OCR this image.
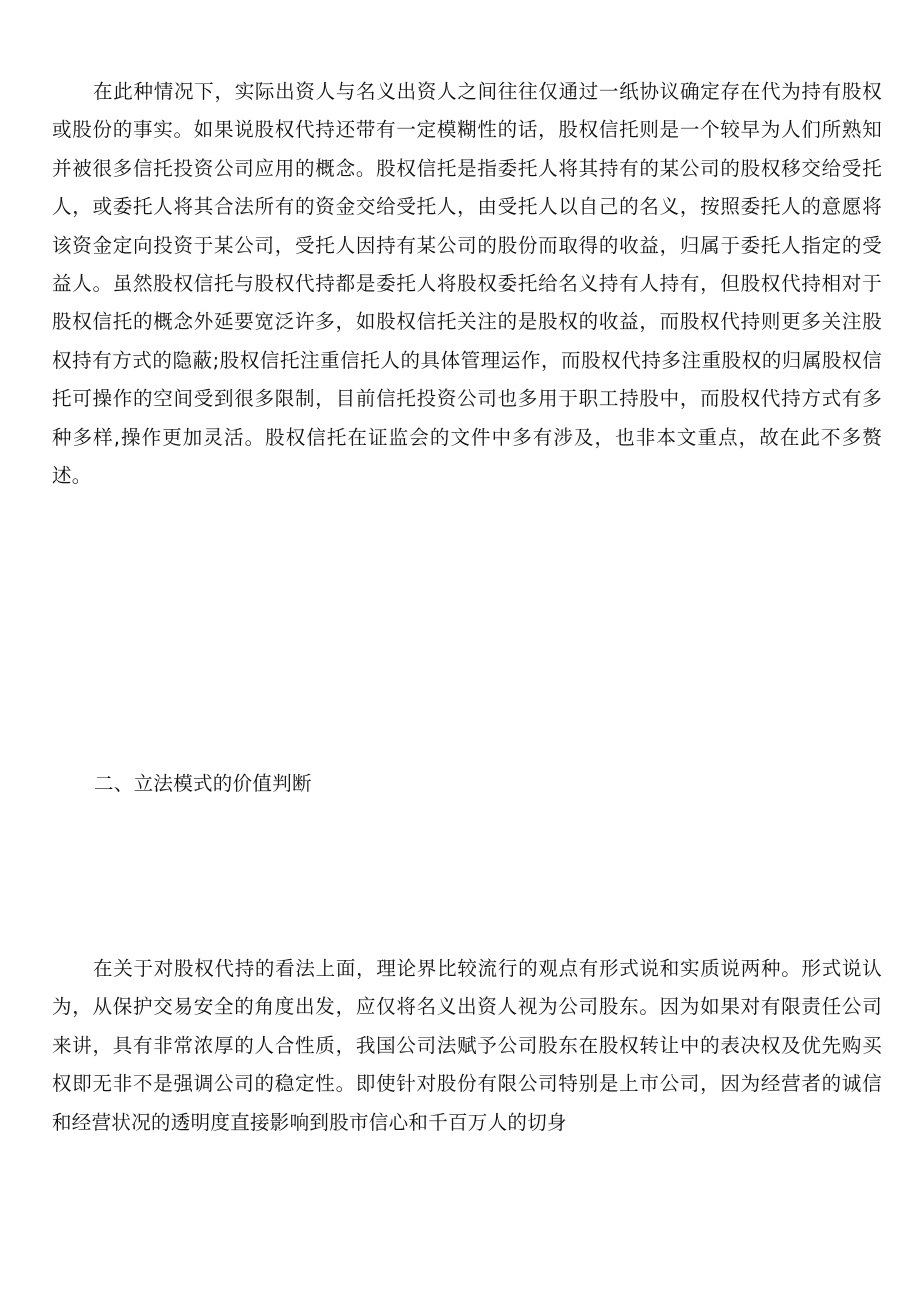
在此种情况下，实际出资人与名义出资人之间往往仅通过一纸协议确定存在代为持有股权或股份的事实。如果说股权代持还带有一定模糊性的话，股权信托则是一个较早为人们所熟知并被很多信托投资公司应用的概念。股权信托是指委托人将其持有的某公司的股权移交给受托人，或委托人将其合法所有的资金交给受托人，由受托人以自己的名义，按照委托人的意愿将该资金定向投资于某公司，受托人因持有某公司的股份而取得的收益，归属于委托人指定的受益人。虽然股权信托与股权代持都是委托人将股权委托给名义持有人持有，但股权代持相对于股权信托的概念外延要宽泛许多，如股权信托关注的是股权的收益，而股权代持则更多关注股权持有方式的隐蔽;股权信托注重信托人的具体管理运作，而股权代持多注重股权的归属股权信托可操作的空间受到很多限制，目前信托投资公司也多用于职工持股中，而股权代持方式有多种多样,操作更加灵活。股权信托在证监会的文件中多有涉及，也非本文重点，故在此不多赘述。

二、立法模式的价值判断

在关于对股权代持的看法上面，理论界比较流行的观点有形式说和实质说两种。形式说认为，从保护交易安全的角度出发，应仅将名义出资人视为公司股东。因为如果对有限责任公司来讲，具有非常浓厚的人合性质，我国公司法赋予公司股东在股权转让中的表决权及优先购买权即无非不是强调公司的稳定性。即使针对股份有限公司特别是上市公司，因为经营者的诚信和经营状况的透明度直接影响到股市信心和千百万人的切身
